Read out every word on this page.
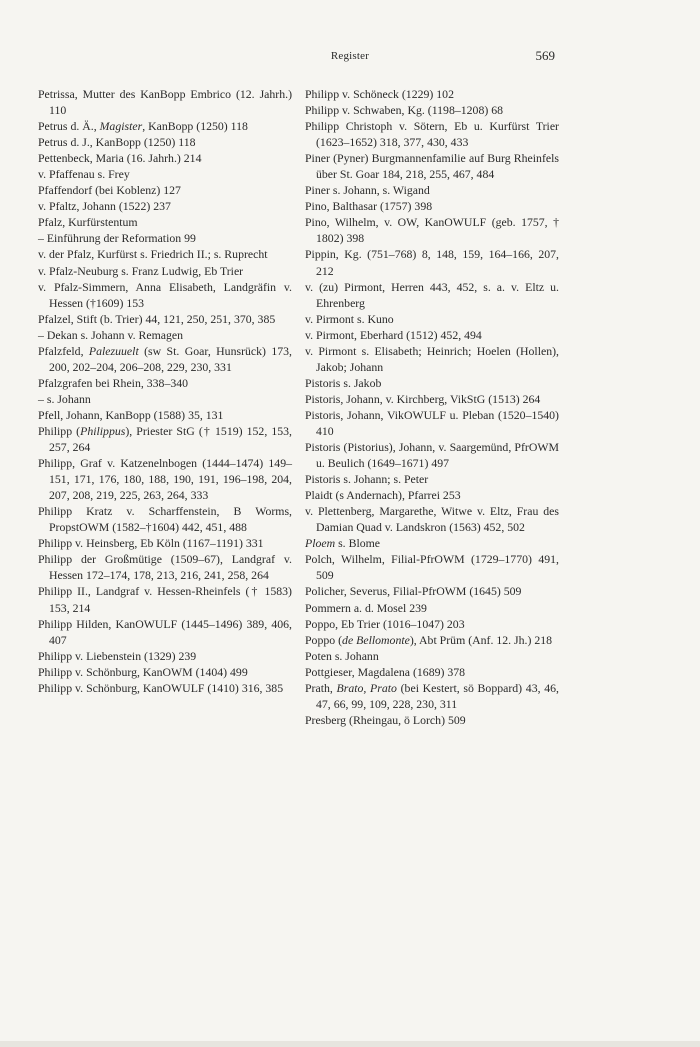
Register	569

Petrissa, Mutter des KanBopp Embrico (12. Jahrh.) 110

Petrus d. Ä., Magister, KanBopp (1250) 118

Petrus d. J., KanBopp (1250) 118

Pettenbeck, Maria (16. Jahrh.) 214

v. Pfaffenau s. Frey

Pfaffendorf (bei Koblenz) 127

v. Pfaltz, Johann (1522) 237

Pfalz, Kurfürstentum

– Einführung der Reformation 99

v. der Pfalz, Kurfürst s. Friedrich II.; s. Ruprecht

v. Pfalz-Neuburg s. Franz Ludwig, Eb Trier

v. Pfalz-Simmern, Anna Elisabeth, Landgräfin v. Hessen (†1609) 153

Pfalzel, Stift (b. Trier) 44, 121, 250, 251, 370, 385

– Dekan s. Johann v. Remagen

Pfalzfeld, Palezuuelt (sw St. Goar, Hunsrück) 173, 200, 202–204, 206–208, 229, 230, 331

Pfalzgrafen bei Rhein, 338–340

– s. Johann

Pfell, Johann, KanBopp (1588) 35, 131

Philipp (Philippus), Priester StG († 1519) 152, 153, 257, 264

Philipp, Graf v. Katzenelnbogen (1444–1474) 149–151, 171, 176, 180, 188, 190, 191, 196–198, 204, 207, 208, 219, 225, 263, 264, 333

Philipp Kratz v. Scharffenstein, B Worms, PropstOWM (1582–†1604) 442, 451, 488

Philipp v. Heinsberg, Eb Köln (1167–1191) 331

Philipp der Großmütige (1509–67), Landgraf v. Hessen 172–174, 178, 213, 216, 241, 258, 264

Philipp II., Landgraf v. Hessen-Rheinfels († 1583) 153, 214

Philipp Hilden, KanOWULF (1445–1496) 389, 406, 407

Philipp v. Liebenstein (1329) 239

Philipp v. Schönburg, KanOWM (1404) 499

Philipp v. Schönburg, KanOWULF (1410) 316, 385

Philipp v. Schöneck (1229) 102

Philipp v. Schwaben, Kg. (1198–1208) 68

Philipp Christoph v. Sötern, Eb u. Kurfürst Trier (1623–1652) 318, 377, 430, 433

Piner (Pyner) Burgmannenfamilie auf Burg Rheinfels über St. Goar 184, 218, 255, 467, 484

Piner s. Johann, s. Wigand

Pino, Balthasar (1757) 398

Pino, Wilhelm, v. OW, KanOWULF (geb. 1757, † 1802) 398

Pippin, Kg. (751–768) 8, 148, 159, 164–166, 207, 212

v. (zu) Pirmont, Herren 443, 452, s. a. v. Eltz u. Ehrenberg

v. Pirmont s. Kuno

v. Pirmont, Eberhard (1512) 452, 494

v. Pirmont s. Elisabeth; Heinrich; Hoelen (Hollen), Jakob; Johann

Pistoris s. Jakob

Pistoris, Johann, v. Kirchberg, VikStG (1513) 264

Pistoris, Johann, VikOWULF u. Pleban (1520–1540) 410

Pistoris (Pistorius), Johann, v. Saargemünd, PfrOWM u. Beulich (1649–1671) 497

Pistoris s. Johann; s. Peter

Plaidt (s Andernach), Pfarrei 253

v. Plettenberg, Margarethe, Witwe v. Eltz, Frau des Damian Quad v. Landskron (1563) 452, 502

Ploem s. Blome

Polch, Wilhelm, Filial-PfrOWM (1729–1770) 491, 509

Policher, Severus, Filial-PfrOWM (1645) 509

Pommern a. d. Mosel 239

Poppo, Eb Trier (1016–1047) 203

Poppo (de Bellomonte), Abt Prüm (Anf. 12. Jh.) 218

Poten s. Johann

Pottgieser, Magdalena (1689) 378

Prath, Brato, Prato (bei Kestert, sö Boppard) 43, 46, 47, 66, 99, 109, 228, 230, 311

Presberg (Rheingau, ö Lorch) 509
